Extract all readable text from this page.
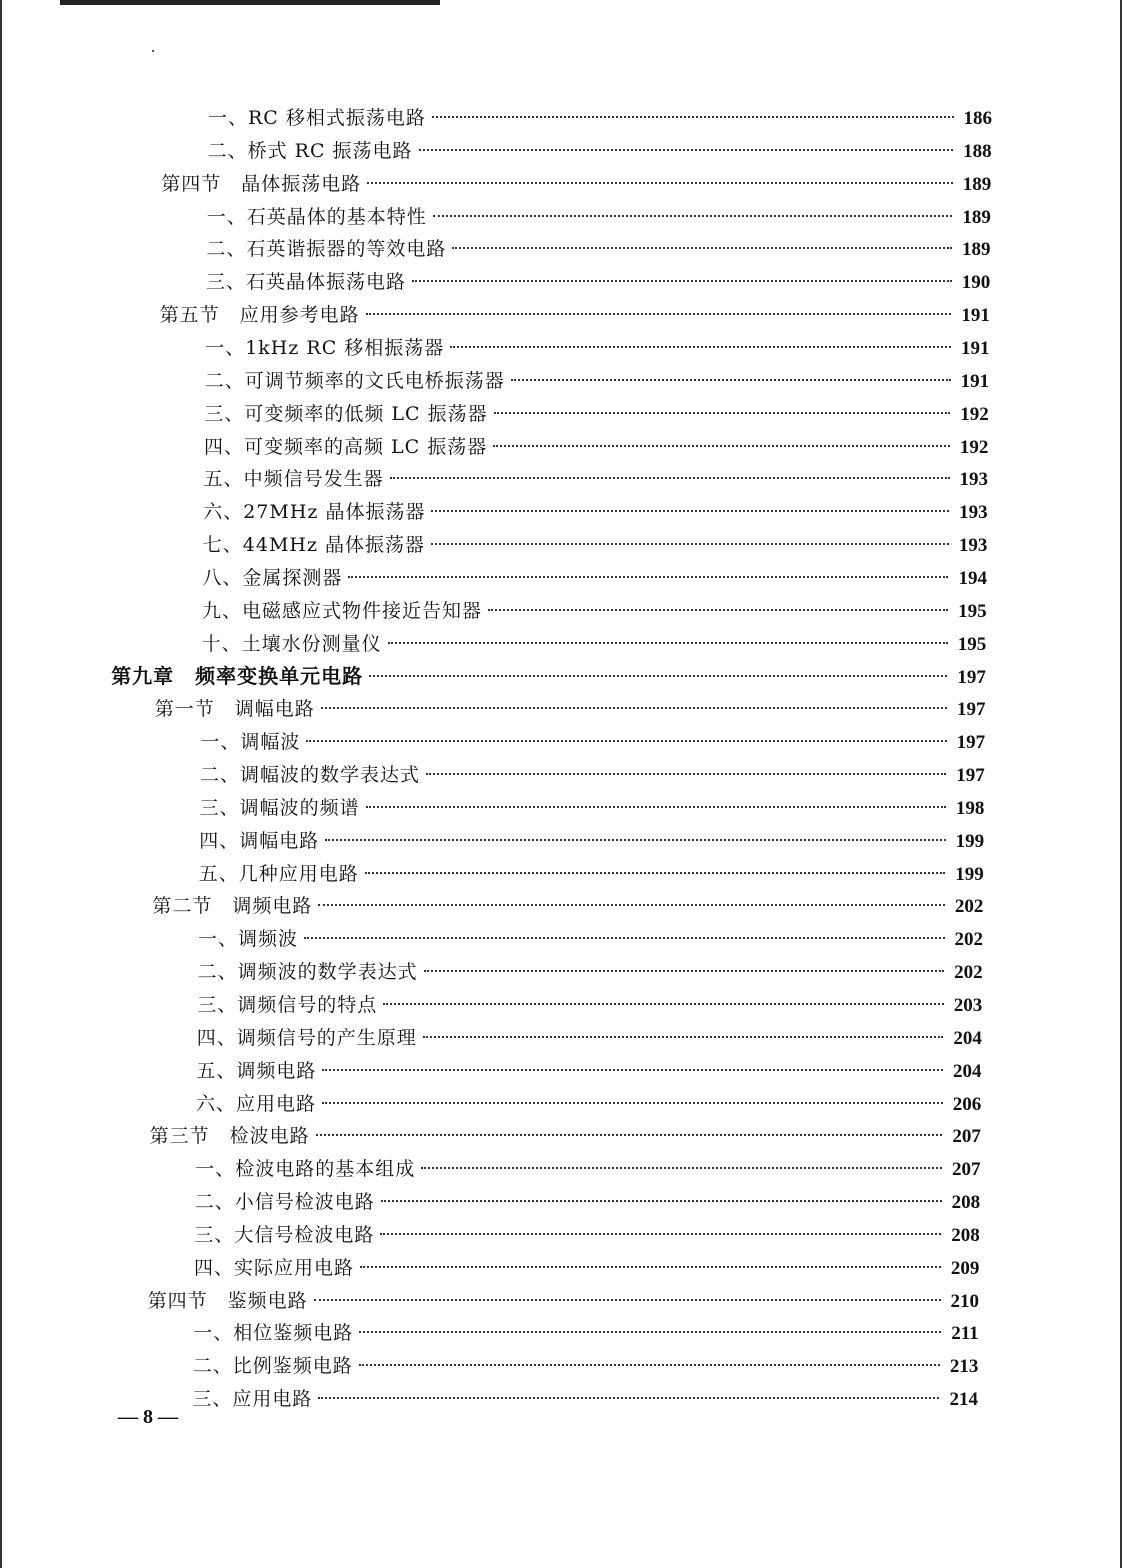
一、RC 移相式振荡电路	186
二、桥式 RC 振荡电路	188
第四节　晶体振荡电路	189
一、石英晶体的基本特性	189
二、石英谐振器的等效电路	189
三、石英晶体振荡电路	190
第五节　应用参考电路	191
一、1kHz RC 移相振荡器	191
二、可调节频率的文氏电桥振荡器	191
三、可变频率的低频 LC 振荡器	192
四、可变频率的高频 LC 振荡器	192
五、中频信号发生器	193
六、27MHz 晶体振荡器	193
七、44MHz 晶体振荡器	193
八、金属探测器	194
九、电磁感应式物件接近告知器	195
十、土壤水份测量仪	195
第九章　频率变换单元电路	197
第一节　调幅电路	197
一、调幅波	197
二、调幅波的数学表达式	197
三、调幅波的频谱	198
四、调幅电路	199
五、几种应用电路	199
第二节　调频电路	202
一、调频波	202
二、调频波的数学表达式	202
三、调频信号的特点	203
四、调频信号的产生原理	204
五、调频电路	204
六、应用电路	206
第三节　检波电路	207
一、检波电路的基本组成	207
二、小信号检波电路	208
三、大信号检波电路	208
四、实际应用电路	209
第四节　鉴频电路	210
一、相位鉴频电路	211
二、比例鉴频电路	213
三、应用电路	214
— 8 —
